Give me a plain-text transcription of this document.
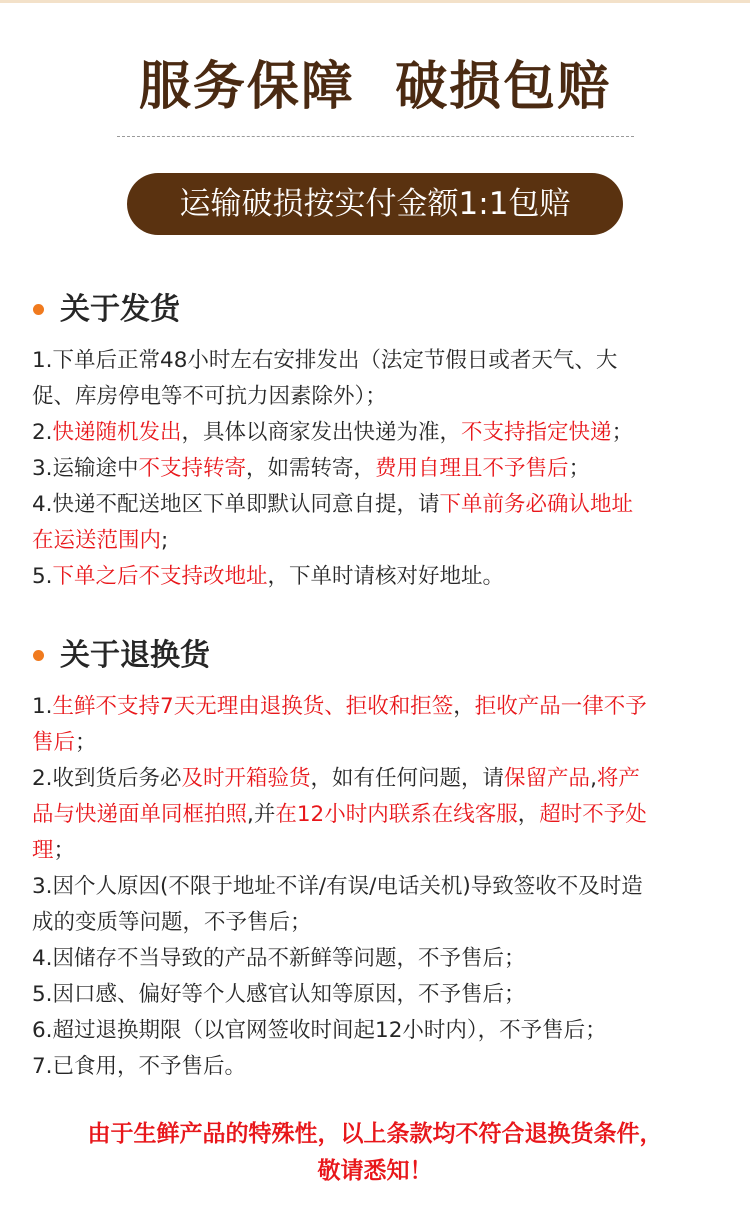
服务保障  破损包赔
运输破损按实付金额1:1包赔
关于发货
1.下单后正常48小时左右安排发出（法定节假日或者天气、大
促、库房停电等不可抗力因素除外）；
2.快递随机发出，具体以商家发出快递为准，不支持指定快递；
3.运输途中不支持转寄，如需转寄，费用自理且不予售后；
4.快递不配送地区下单即默认同意自提，请下单前务必确认地址
在运送范围内;
5.下单之后不支持改地址，下单时请核对好地址。
关于退换货
1.生鲜不支持7天无理由退换货、拒收和拒签，拒收产品一律不予
售后；
2.收到货后务必及时开箱验货，如有任何问题，请保留产品,将产
品与快递面单同框拍照,并在12小时内联系在线客服，超时不予处
理；
3.因个人原因(不限于地址不详/有误/电话关机)导致签收不及时造
成的变质等问题，不予售后；
4.因储存不当导致的产品不新鲜等问题，不予售后；
5.因口感、偏好等个人感官认知等原因，不予售后；
6.超过退换期限（以官网签收时间起12小时内），不予售后；
7.已食用，不予售后。
由于生鲜产品的特殊性，以上条款均不符合退换货条件，
敬请悉知！
